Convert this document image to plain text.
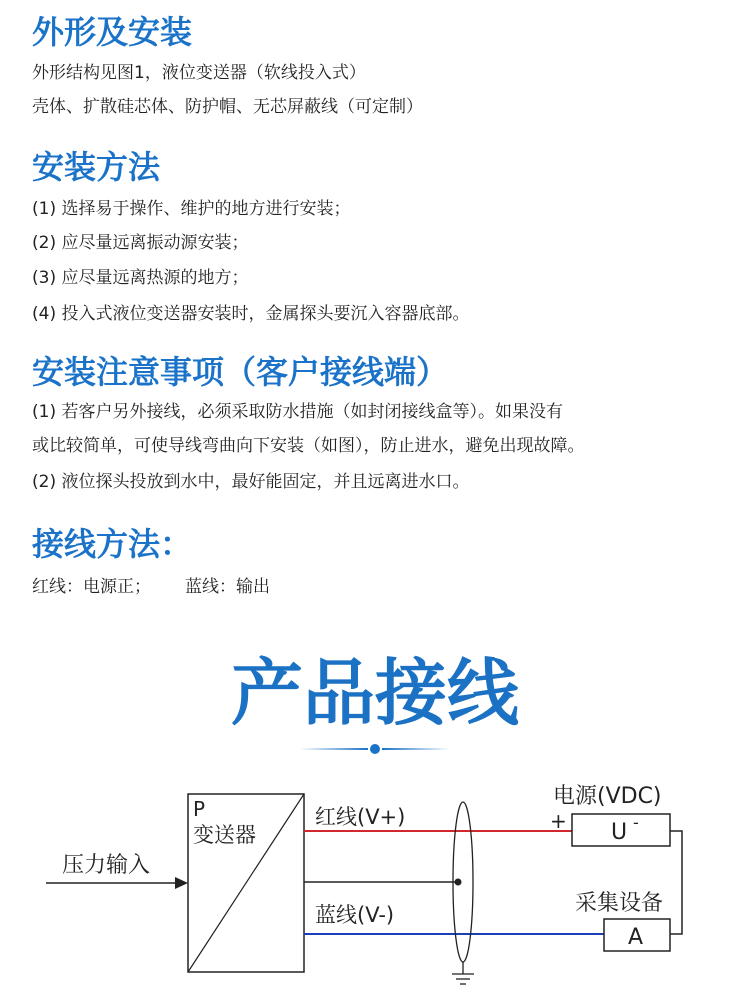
外形及安装

外形结构见图1，液位变送器（软线投入式）

壳体、扩散硅芯体、防护帽、无芯屏蔽线（可定制）

安装方法

(1) 选择易于操作、维护的地方进行安装；

(2) 应尽量远离振动源安装；

(3) 应尽量远离热源的地方；

(4) 投入式液位变送器安装时，金属探头要沉入容器底部。

安装注意事项（客户接线端）

(1) 若客户另外接线，必须采取防水措施（如封闭接线盒等）。如果没有

或比较简单，可使导线弯曲向下安装（如图），防止进水，避免出现故障。

(2) 液位探头投放到水中，最好能固定，并且远离进水口。

接线方法：

红线：电源正； 蓝线：输出

产品接线
压力输入
P
变送器
红线(V+)
蓝线(V-)
电源(VDC)
+ U -
采集设备
A
